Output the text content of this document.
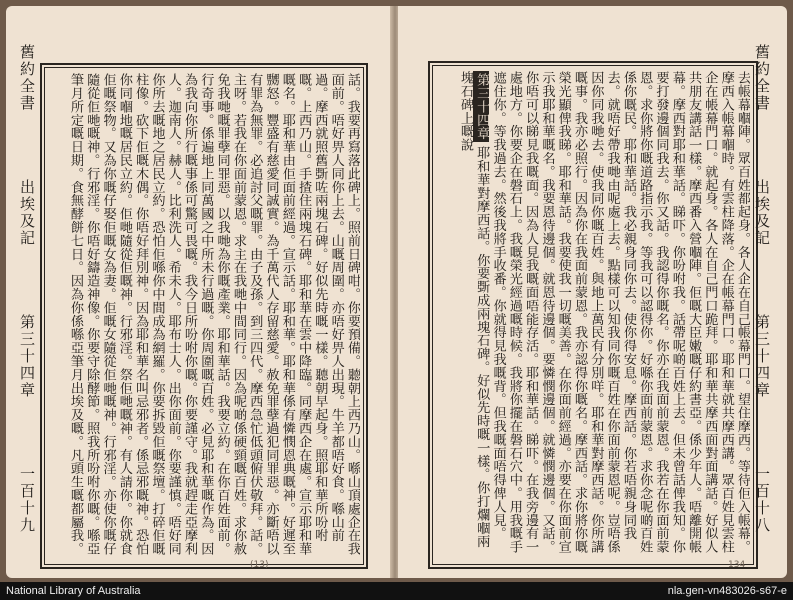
舊約全書
出埃及記
第三十四章
一百十九	話。我要再寫落此碑上。照前日碑咁。你要預備。聽朝上西乃山。喺山頂處企在我面前。唔好畀人同你上去。山嘅周圍。亦唔好畀人出現。牛羊都唔好食。喺山前過。摩西就照舊斲咗兩塊石碑。好似先時嘅一樣。聽朝早起身。照耶和華所吩咐嘅。上西乃山。手揸住兩塊石碑。耶和華在雲中降臨。同摩西企在處。宣示耶和華嘅名。耶和華由佢面前經過。宣示話。耶和華。耶和華係有憐憫恩典嘅神。好遲至嬲怒。豐盛有慈愛同誠實。為千萬代人存留慈愛。赦免罪孽過犯同罪惡。亦斷唔以有罪為無罪。必追討父嘅罪。由子及孫。到三四代。摩西急忙低頭俯伏敬拜。話。主呀。若我在你面前蒙恩。求主在我哋中間同行。因為呢啲係硬頸嘅百姓。求你赦免我哋嘅罪孽同罪惡。以我哋為你嘅產業。耶和華話。我要立約。在你百姓面前。行奇事。係遍地上同萬國之中所未行過嘅。你周圍嘅百姓。必見耶和華嘅作為。因為我向你所行嘅事係可驚可畏嘅。我今日所吩咐你嘅。你要謹守。我就趕走亞摩利人。迦南人。赫人。比利洗人。希未人。耶布士人。出你面前。你要謹慎。唔好同你所去嘅地之居民立約。恐怕佢喺你中間成為網羅。你要拆毀佢嘅祭壇。打碎佢嘅柱像。砍下佢嘅木偶。你唔好拜別神。因為耶和華名叫忌邪者。係忌邪嘅神。恐怕你同嗰地嘅居民立約。佢哋隨從佢嘅神。行邪淫。祭佢哋嘅神。有人請你。你就食佢嘅祭物。又為你嘅仔娶佢嘅女為妻。佢嘅女隨從佢哋嘅神。行邪淫。亦使你嘅仔隨從佢哋嘅神。行邪淫。你唔好鑄造神像。你要守除酵節。照我所吩咐你嘅。喺亞筆月所定嘅日期。食無酵餅七日。因為你係喺亞筆月出埃及嘅。凡頭生嘅都屬我。
(13)
去帳幕嗰陣。眾百姓都起身。各人企在自己帳幕門口。望住摩西。等待佢入帳幕。摩西入帳幕嗰時。有雲柱降落。企在帳幕門口。耶和華就共摩西講。眾百姓見雲柱企在帳幕門口。就起身。各人在自己門口跪拜。耶和華共摩西面對面講話。好似人共朋友講話一樣。摩西番入營嗰陣。佢嘅大臣嫩嘅仔約書亞。係少年人。唔離開帳幕。摩西對耶和華話。睇吓。你吩咐我。話帶呢啲百姓上去。但未曾話俾我知。你要打發邊個同我去。你又話。我認得你嘅名。你亦在我面前蒙恩。我若在你面前蒙恩。求你將你嘅道路指示我。等我可以認得你。好喺你面前蒙恩。求你念呢啲百姓係你嘅民。耶和華話。我必親身同你去。使你得安息。摩西話。你若唔親身同我去。就唔好帶我哋由呢處上去。點樣可以知我同你嘅百姓在你面前蒙恩呢。豈唔係因你同我哋去。使我同你嘅百姓。與地上萬民有分別咩。耶和華對摩西話。你所講嘅事。我亦必照行。因為你在我面前蒙恩。我亦認得你嘅名。摩西話。求你將你嘅榮光顯俾我睇。耶和華話。我要使我一切嘅美善。在你面前經過。亦要在你面前宣示我耶和華嘅名。我要恩待邊個。就恩待邊個。要憐憫邊個。就憐憫邊個。又話。你唔可以睇見我嘅面。因為人見我嘅面唔能存活。耶和華話。睇吓。在我旁邊有一處地方。你要企在磐石上。我嘅榮光經過嘅時候。我將你擺在磐石穴中。用我嘅手遮住你。等我過去。然後我將手收番。你就得見我嘅背。但我嘅面唔得俾人見。第三十四章耶和華對摩西話。你要斲成兩塊石碑。好似先時嘅一樣。你打爛嗰兩塊石碑上嘅說	舊約全書
出埃及記
第三十四章
一百十八
134
National Library of Australia	nla.gen-vn483026-s67-e
